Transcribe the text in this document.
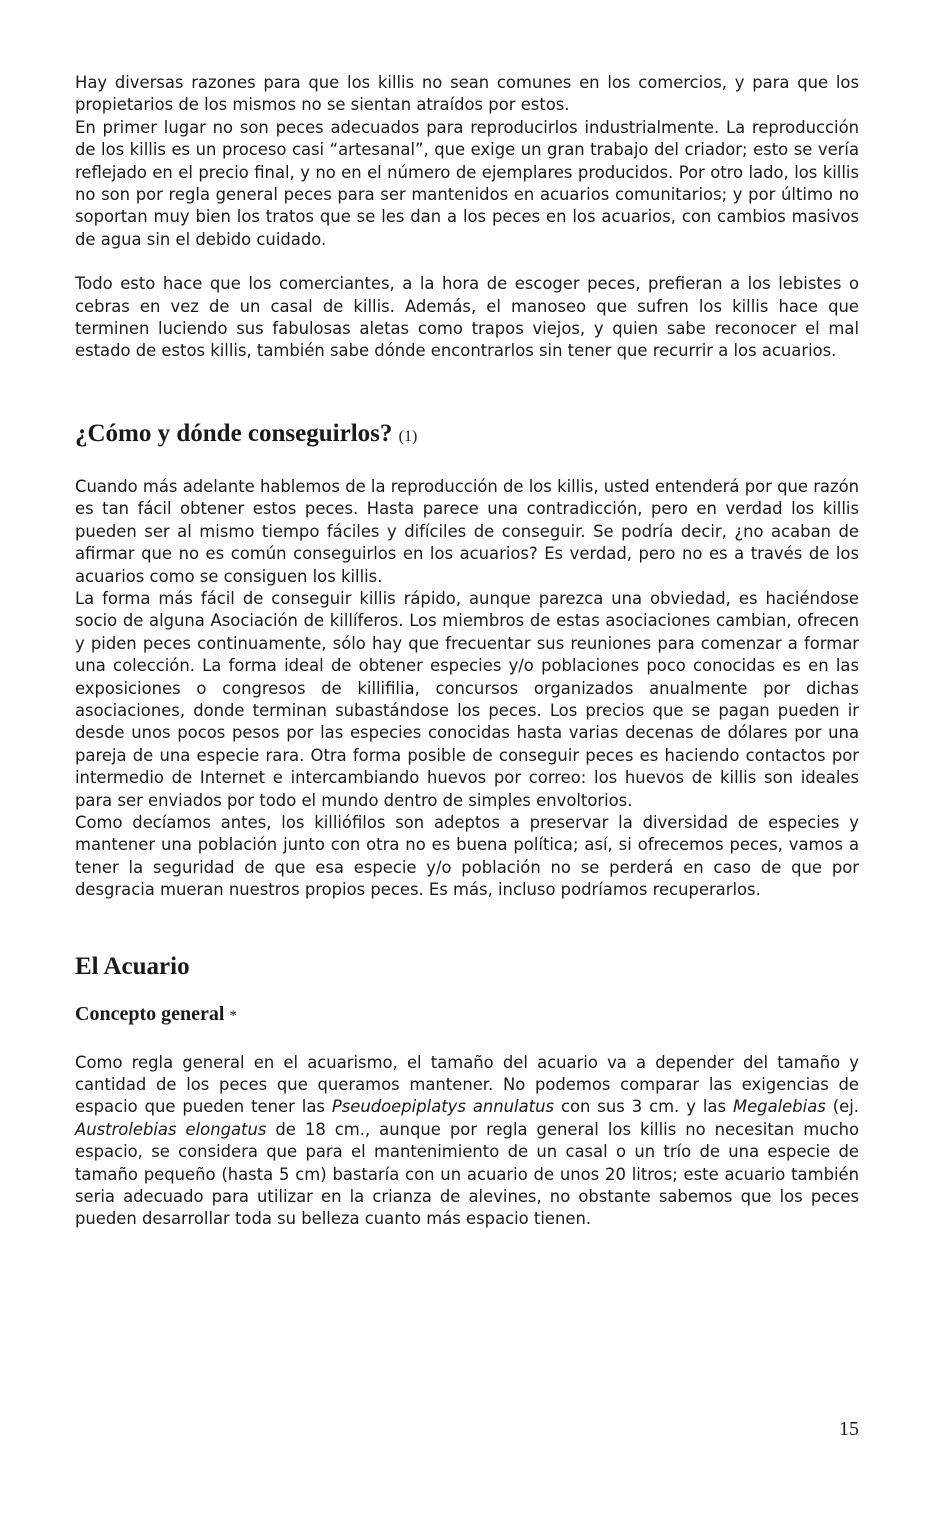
Hay diversas razones para que los killis no sean comunes en los comercios, y para que los propietarios de los mismos no se sientan atraídos por estos.

En primer lugar no son peces adecuados para reproducirlos industrialmente. La reproducción de los killis es un proceso casi “artesanal”, que exige un gran trabajo del criador; esto se vería reflejado en el precio final, y no en el número de ejemplares producidos. Por otro lado, los killis no son por regla general peces para ser mantenidos en acuarios comunitarios; y por último no soportan muy bien los tratos que se les dan a los peces en los acuarios, con cambios masivos de agua sin el debido cuidado.

Todo esto hace que los comerciantes, a la hora de escoger peces, prefieran a los lebistes o cebras en vez de un casal de killis. Además, el manoseo que sufren los killis hace que terminen luciendo sus fabulosas aletas como trapos viejos, y quien sabe reconocer el mal estado de estos killis, también sabe dónde encontrarlos sin tener que recurrir a los acuarios.

¿Cómo y dónde conseguirlos? (1)

Cuando más adelante hablemos de la reproducción de los killis, usted entenderá por que razón es tan fácil obtener estos peces. Hasta parece una contradicción, pero en verdad los killis pueden ser al mismo tiempo fáciles y difíciles de conseguir. Se podría decir, ¿no acaban de afirmar que no es común conseguirlos en los acuarios? Es verdad, pero no es a través de los acuarios como se consiguen los killis.

La forma más fácil de conseguir killis rápido, aunque parezca una obviedad, es haciéndose socio de alguna Asociación de killíferos. Los miembros de estas asociaciones cambian, ofrecen y piden peces continuamente, sólo hay que frecuentar sus reuniones para comenzar a formar una colección. La forma ideal de obtener especies y/o poblaciones poco conocidas es en las exposiciones o congresos de killifilia, concursos organizados anualmente por dichas asociaciones, donde terminan subastándose los peces. Los precios que se pagan pueden ir desde unos pocos pesos por las especies conocidas hasta varias decenas de dólares por una pareja de una especie rara. Otra forma posible de conseguir peces es haciendo contactos por intermedio de Internet e intercambiando huevos por correo: los huevos de killis son ideales para ser enviados por todo el mundo dentro de simples envoltorios.

Como decíamos antes, los killiófilos son adeptos a preservar la diversidad de especies y mantener una población junto con otra no es buena política; así, si ofrecemos peces, vamos a tener la seguridad de que esa especie y/o población no se perderá en caso de que por desgracia mueran nuestros propios peces. Es más, incluso podríamos recuperarlos.

El Acuario
Concepto general *

Como regla general en el acuarismo, el tamaño del acuario va a depender del tamaño y cantidad de los peces que queramos mantener. No podemos comparar las exigencias de espacio que pueden tener las Pseudoepiplatys annulatus con sus 3 cm. y las Megalebias (ej. Austrolebias elongatus de 18 cm., aunque por regla general los killis no necesitan mucho espacio, se considera que para el mantenimiento de un casal o un trío de una especie de tamaño pequeño (hasta 5 cm) bastaría con un acuario de unos 20 litros; este acuario también seria adecuado para utilizar en la crianza de alevines, no obstante sabemos que los peces pueden desarrollar toda su belleza cuanto más espacio tienen.

15
